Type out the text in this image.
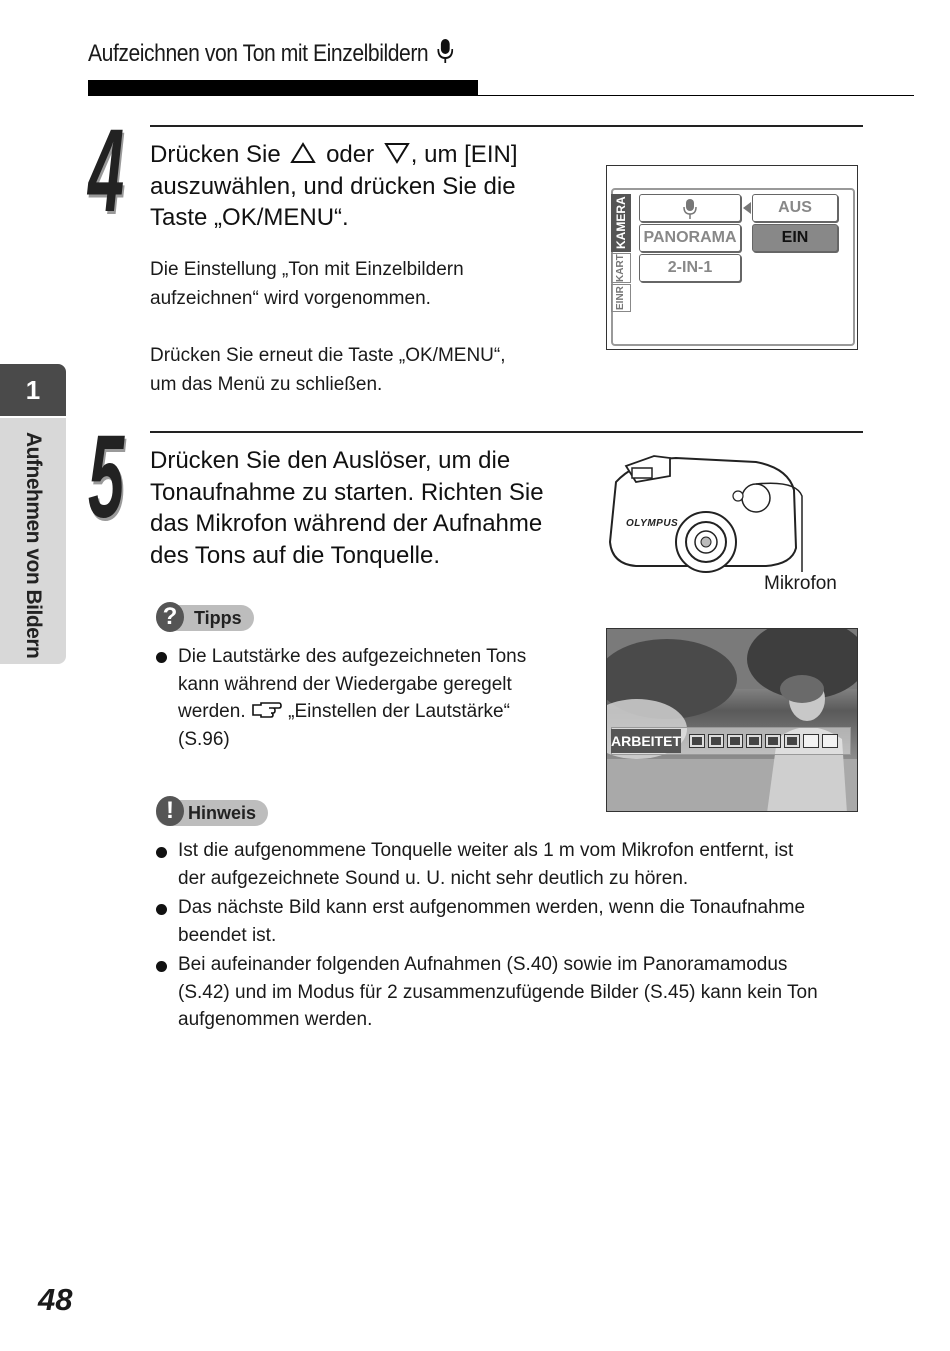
Aufzeichnen von Ton mit Einzelbildern
1
Aufnehmen von Bildern
4 Drücken Sie oder , um [EIN]
auszuwählen, und drücken Sie die
Taste „OK/MENU“.
Die Einstellung „Ton mit Einzelbildern
aufzeichnen“ wird vorgenommen.
Drücken Sie erneut die Taste „OK/MENU“,
um das Menü zu schließen.
KAMERA
KART
EINR
PANORAMA
2-IN-1
AUS
EIN
5 Drücken Sie den Auslöser, um die
Tonaufnahme zu starten. Richten Sie
das Mikrofon während der Aufnahme
des Tons auf die Tonquelle.
OLYMPUS
Mikrofon
? Tipps
Die Lautstärke des aufgezeichneten Tons
kann während der Wiedergabe geregelt
werden. „Einstellen der Lautstärke“
(S.96)	ARBEITET
! Hinweis
Ist die aufgenommene Tonquelle weiter als 1 m vom Mikrofon entfernt, ist
der aufgezeichnete Sound u. U. nicht sehr deutlich zu hören.
Das nächste Bild kann erst aufgenommen werden, wenn die Tonaufnahme
beendet ist.
Bei aufeinander folgenden Aufnahmen (S.40) sowie im Panoramamodus
(S.42) und im Modus für 2 zusammenzufügende Bilder (S.45) kann kein Ton
aufgenommen werden.
48
